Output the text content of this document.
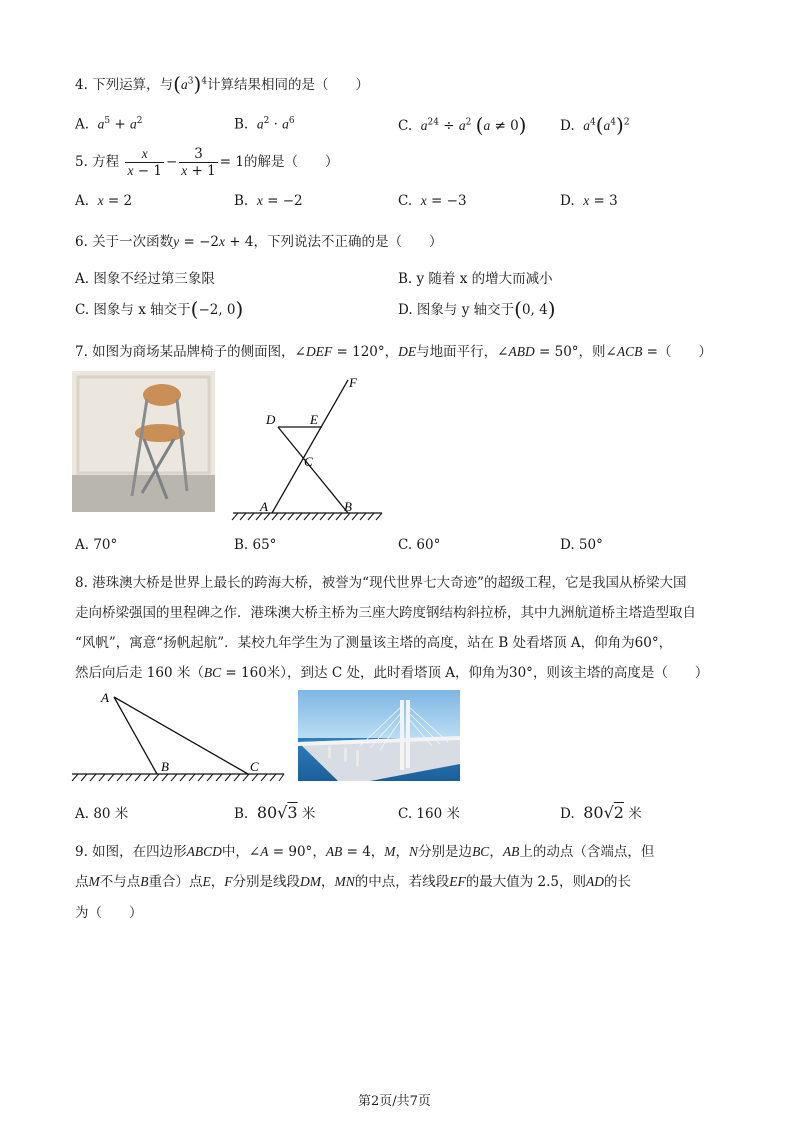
4. 下列运算，与$(a^3)^4$计算结果相同的是（　　）
A. $a^5 + a^2$	B. $a^2 \cdot a^6$	C. $a^{24} \div a^2$ (a ≠ 0) D. $a^4(a^4)^2$
5. 方程 $\frac{x}{x - 1} - \frac{3}{x + 1} = 1$的解是（　　）
A. x = 2	B. x = −2	C. x = −3	D. x = 3
6. 关于一次函数y = −2x + 4，下列说法不正确的是（　　）
A. 图象不经过第三象限	B. y 随着 x 的增大而减小
C. 图象与 x 轴交于(−2, 0)	D. 图象与 y 轴交于(0, 4)
7. 如图为商场某品牌椅子的侧面图，∠DEF = 120°，DE与地面平行，∠ABD = 50°，则∠ACB =（　　）
F
D	E
C
A	B
A. 70°	B. 65°	C. 60°	D. 50°
8. 港珠澳大桥是世界上最长的跨海大桥，被誉为“现代世界七大奇迹”的超级工程，它是我国从桥梁大国
走向桥梁强国的里程碑之作．港珠澳大桥主桥为三座大跨度钢结构斜拉桥，其中九洲航道桥主塔造型取自
“风帆”，寓意“扬帆起航”．某校九年学生为了测量该主塔的高度，站在 B 处看塔顶 A，仰角为60°，
然后向后走 160 米（BC = 160米），到达 C 处，此时看塔顶 A，仰角为30°，则该主塔的高度是（　　）
A
B	C
A. 80 米	B. 80√3 米	C. 160 米	D. 80√2 米
9. 如图，在四边形ABCD中，∠A = 90°，AB = 4，M，N分别是边BC，AB上的动点（含端点，但
点M不与点B重合）点E，F分别是线段DM，MN的中点，若线段EF的最大值为 2.5，则AD的长
为（　　）
第2页/共7页
